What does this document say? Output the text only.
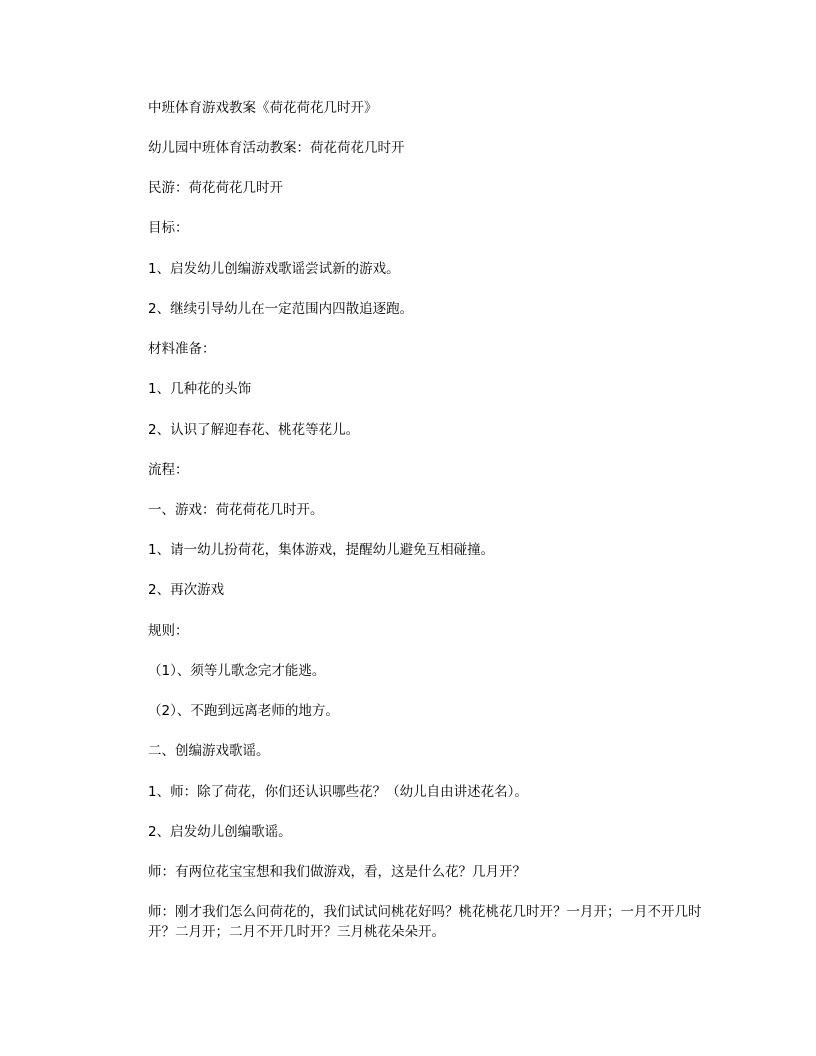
中班体育游戏教案《荷花荷花几时开》

幼儿园中班体育活动教案：荷花荷花几时开

民游：荷花荷花几时开

目标：

1、启发幼儿创编游戏歌谣尝试新的游戏。

2、继续引导幼儿在一定范围内四散追逐跑。

材料准备：

1、几种花的头饰

2、认识了解迎春花、桃花等花儿。

流程：

一、游戏：荷花荷花几时开。

1、请一幼儿扮荷花，集体游戏，提醒幼儿避免互相碰撞。

2、再次游戏

规则：

（1）、须等儿歌念完才能逃。

（2）、不跑到远离老师的地方。

二、创编游戏歌谣。

1、师：除了荷花，你们还认识哪些花？（幼儿自由讲述花名）。

2、启发幼儿创编歌谣。

师：有两位花宝宝想和我们做游戏，看，这是什么花？几月开？

师：刚才我们怎么问荷花的，我们试试问桃花好吗？桃花桃花几时开？一月开；一月不开几时开？二月开；二月不开几时开？三月桃花朵朵开。
